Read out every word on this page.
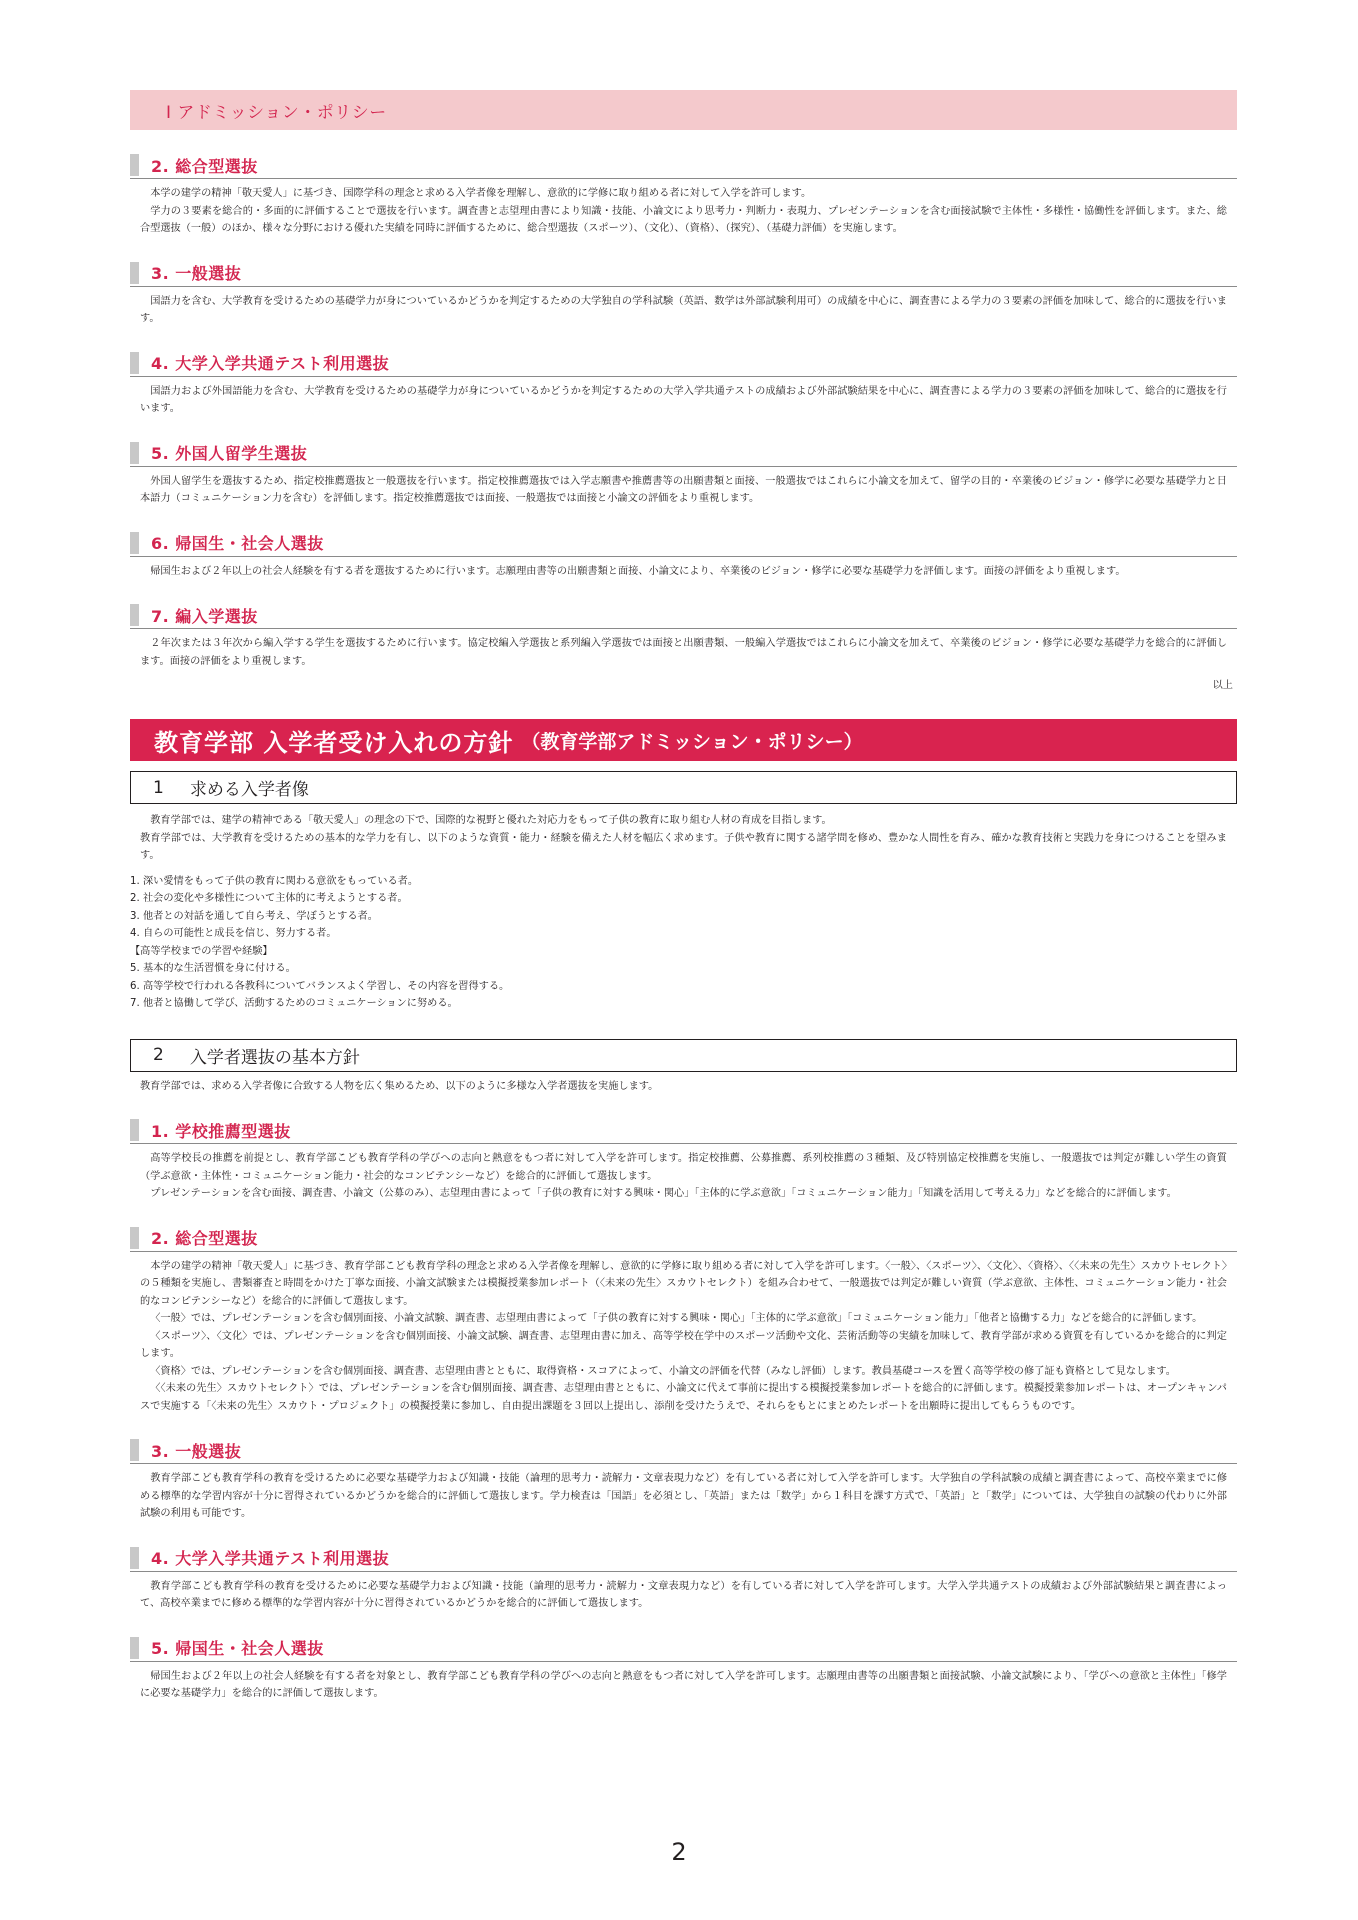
Ⅰ アドミッション・ポリシー
2. 総合型選抜
本学の建学の精神「敬天愛人」に基づき、国際学科の理念と求める入学者像を理解し、意欲的に学修に取り組める者に対して入学を許可します。
学力の３要素を総合的・多面的に評価することで選抜を行います。調査書と志望理由書により知識・技能、小論文により思考力・判断力・表現力、プレゼンテーションを含む面接試験で主体性・多様性・協働性を評価します。また、総合型選抜（一般）のほか、様々な分野における優れた実績を同時に評価するために、総合型選抜（スポーツ）、（文化）、（資格）、（探究）、（基礎力評価）を実施します。
3. 一般選抜
国語力を含む、大学教育を受けるための基礎学力が身についているかどうかを判定するための大学独自の学科試験（英語、数学は外部試験利用可）の成績を中心に、調査書による学力の３要素の評価を加味して、総合的に選抜を行います。
4. 大学入学共通テスト利用選抜
国語力および外国語能力を含む、大学教育を受けるための基礎学力が身についているかどうかを判定するための大学入学共通テストの成績および外部試験結果を中心に、調査書による学力の３要素の評価を加味して、総合的に選抜を行います。
5. 外国人留学生選抜
外国人留学生を選抜するため、指定校推薦選抜と一般選抜を行います。指定校推薦選抜では入学志願書や推薦書等の出願書類と面接、一般選抜ではこれらに小論文を加えて、留学の目的・卒業後のビジョン・修学に必要な基礎学力と日本語力（コミュニケーション力を含む）を評価します。指定校推薦選抜では面接、一般選抜では面接と小論文の評価をより重視します。
6. 帰国生・社会人選抜
帰国生および２年以上の社会人経験を有する者を選抜するために行います。志願理由書等の出願書類と面接、小論文により、卒業後のビジョン・修学に必要な基礎学力を評価します。面接の評価をより重視します。
7. 編入学選抜
２年次または３年次から編入学する学生を選抜するために行います。協定校編入学選抜と系列編入学選抜では面接と出願書類、一般編入学選抜ではこれらに小論文を加えて、卒業後のビジョン・修学に必要な基礎学力を総合的に評価します。面接の評価をより重視します。
以上
教育学部 入学者受け入れの方針 （教育学部アドミッション・ポリシー）
1 求める入学者像
教育学部では、建学の精神である「敬天愛人」の理念の下で、国際的な視野と優れた対応力をもって子供の教育に取り組む人材の育成を目指します。
教育学部では、大学教育を受けるための基本的な学力を有し、以下のような資質・能力・経験を備えた人材を幅広く求めます。子供や教育に関する諸学問を修め、豊かな人間性を育み、確かな教育技術と実践力を身につけることを望みます。
1. 深い愛情をもって子供の教育に関わる意欲をもっている者。
2. 社会の変化や多様性について主体的に考えようとする者。
3. 他者との対話を通して自ら考え、学ぼうとする者。
4. 自らの可能性と成長を信じ、努力する者。
【高等学校までの学習や経験】
5. 基本的な生活習慣を身に付ける。
6. 高等学校で行われる各教科についてバランスよく学習し、その内容を習得する。
7. 他者と協働して学び、活動するためのコミュニケーションに努める。
2 入学者選抜の基本方針
教育学部では、求める入学者像に合致する人物を広く集めるため、以下のように多様な入学者選抜を実施します。
1. 学校推薦型選抜
高等学校長の推薦を前提とし、教育学部こども教育学科の学びへの志向と熱意をもつ者に対して入学を許可します。指定校推薦、公募推薦、系列校推薦の３種類、及び特別協定校推薦を実施し、一般選抜では判定が難しい学生の資質（学ぶ意欲・主体性・コミュニケーション能力・社会的なコンピテンシーなど）を総合的に評価して選抜します。
プレゼンテーションを含む面接、調査書、小論文（公募のみ）、志望理由書によって「子供の教育に対する興味・関心」「主体的に学ぶ意欲」「コミュニケーション能力」「知識を活用して考える力」などを総合的に評価します。
2. 総合型選抜
本学の建学の精神「敬天愛人」に基づき、教育学部こども教育学科の理念と求める入学者像を理解し、意欲的に学修に取り組める者に対して入学を許可します。〈一般〉、〈スポーツ〉、〈文化〉、〈資格〉、〈〈未来の先生〉スカウトセレクト〉の５種類を実施し、書類審査と時間をかけた丁寧な面接、小論文試験または模擬授業参加レポート（〈未来の先生〉スカウトセレクト）を組み合わせて、一般選抜では判定が難しい資質（学ぶ意欲、主体性、コミュニケーション能力・社会的なコンピテンシーなど）を総合的に評価して選抜します。
〈一般〉では、プレゼンテーションを含む個別面接、小論文試験、調査書、志望理由書によって「子供の教育に対する興味・関心」「主体的に学ぶ意欲」「コミュニケーション能力」「他者と協働する力」などを総合的に評価します。
〈スポーツ〉、〈文化〉では、プレゼンテーションを含む個別面接、小論文試験、調査書、志望理由書に加え、高等学校在学中のスポーツ活動や文化、芸術活動等の実績を加味して、教育学部が求める資質を有しているかを総合的に判定します。
〈資格〉では、プレゼンテーションを含む個別面接、調査書、志望理由書とともに、取得資格・スコアによって、小論文の評価を代替（みなし評価）します。教員基礎コースを置く高等学校の修了証も資格として見なします。
〈〈未来の先生〉スカウトセレクト〉では、プレゼンテーションを含む個別面接、調査書、志望理由書とともに、小論文に代えて事前に提出する模擬授業参加レポートを総合的に評価します。模擬授業参加レポートは、オープンキャンパスで実施する「〈未来の先生〉スカウト・プロジェクト」の模擬授業に参加し、自由提出課題を３回以上提出し、添削を受けたうえで、それらをもとにまとめたレポートを出願時に提出してもらうものです。
3. 一般選抜
教育学部こども教育学科の教育を受けるために必要な基礎学力および知識・技能（論理的思考力・読解力・文章表現力など）を有している者に対して入学を許可します。大学独自の学科試験の成績と調査書によって、高校卒業までに修める標準的な学習内容が十分に習得されているかどうかを総合的に評価して選抜します。学力検査は「国語」を必須とし、「英語」または「数学」から１科目を課す方式で、「英語」と「数学」については、大学独自の試験の代わりに外部試験の利用も可能です。
4. 大学入学共通テスト利用選抜
教育学部こども教育学科の教育を受けるために必要な基礎学力および知識・技能（論理的思考力・読解力・文章表現力など）を有している者に対して入学を許可します。大学入学共通テストの成績および外部試験結果と調査書によって、高校卒業までに修める標準的な学習内容が十分に習得されているかどうかを総合的に評価して選抜します。
5. 帰国生・社会人選抜
帰国生および２年以上の社会人経験を有する者を対象とし、教育学部こども教育学科の学びへの志向と熱意をもつ者に対して入学を許可します。志願理由書等の出願書類と面接試験、小論文試験により、「学びへの意欲と主体性」「修学に必要な基礎学力」を総合的に評価して選抜します。
2
